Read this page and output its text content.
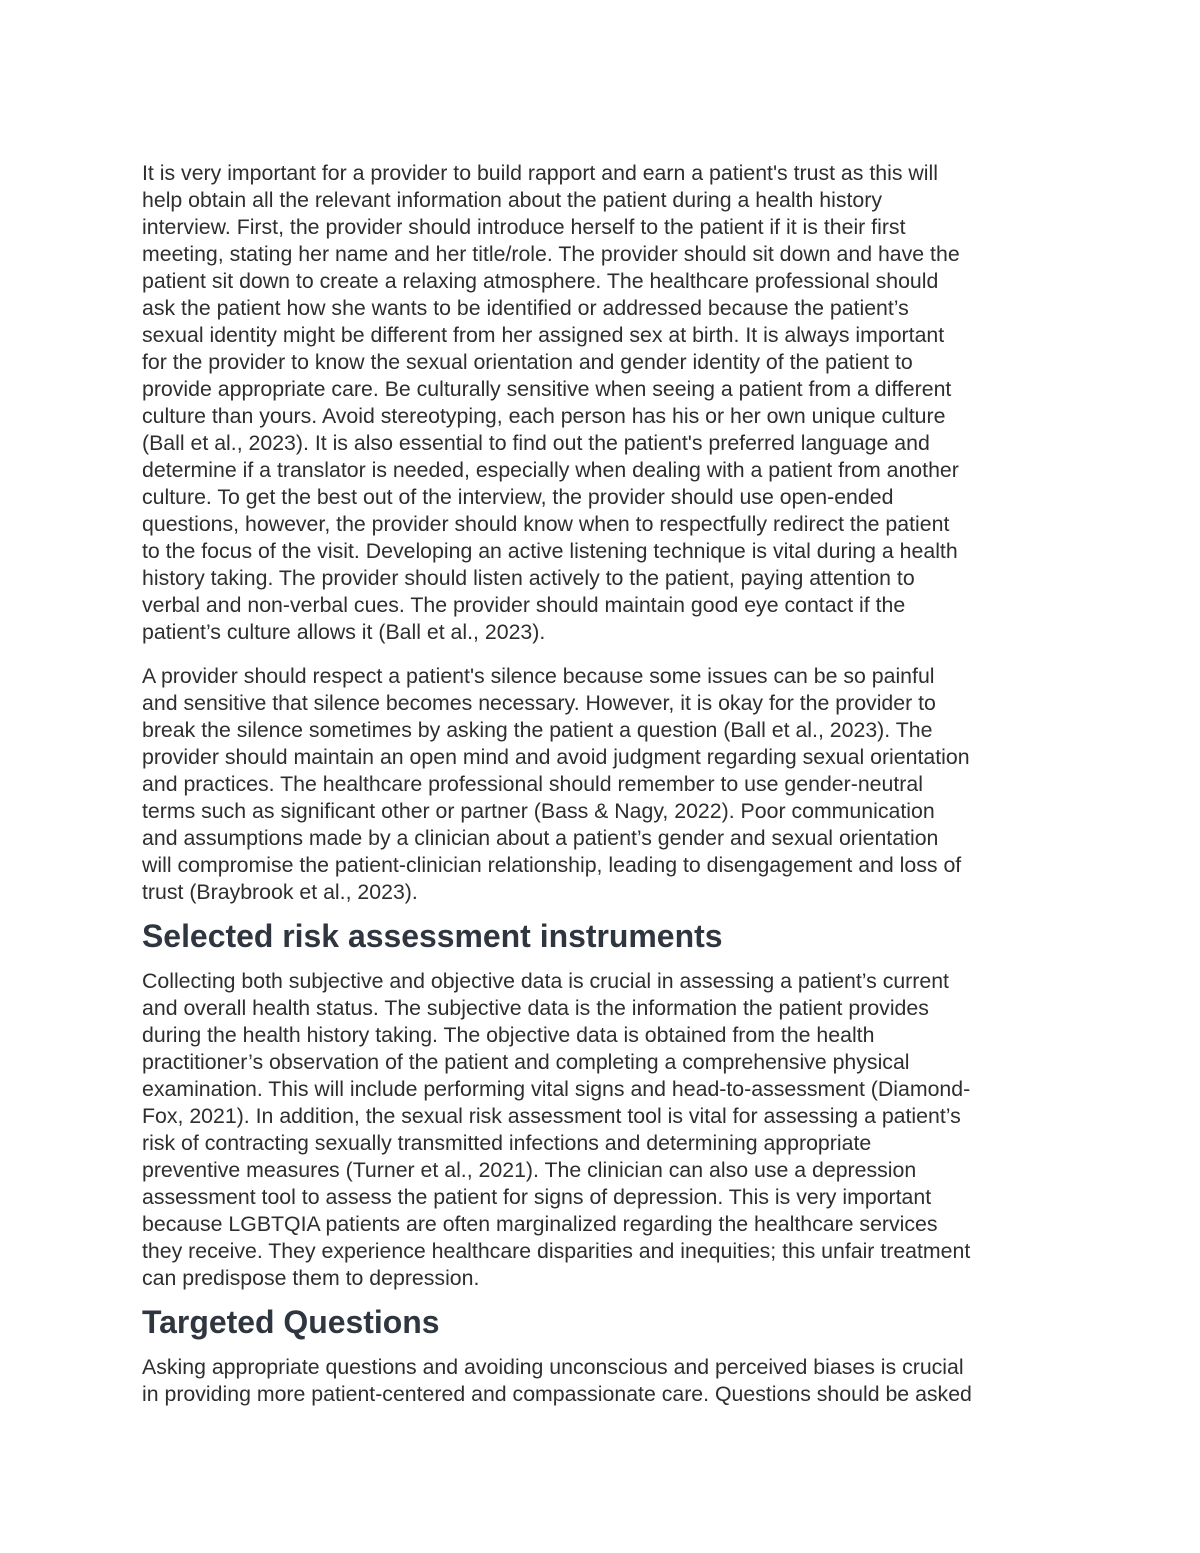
It is very important for a provider to build rapport and earn a patient's trust as this will
help obtain all the relevant information about the patient during a health history
interview. First, the provider should introduce herself to the patient if it is their first
meeting, stating her name and her title/role. The provider should sit down and have the
patient sit down to create a relaxing atmosphere. The healthcare professional should
ask the patient how she wants to be identified or addressed because the patient’s
sexual identity might be different from her assigned sex at birth. It is always important
for the provider to know the sexual orientation and gender identity of the patient to
provide appropriate care. Be culturally sensitive when seeing a patient from a different
culture than yours. Avoid stereotyping, each person has his or her own unique culture
(Ball et al., 2023). It is also essential to find out the patient's preferred language and
determine if a translator is needed, especially when dealing with a patient from another
culture. To get the best out of the interview, the provider should use open-ended
questions, however, the provider should know when to respectfully redirect the patient
to the focus of the visit. Developing an active listening technique is vital during a health
history taking. The provider should listen actively to the patient, paying attention to
verbal and non-verbal cues. The provider should maintain good eye contact if the
patient’s culture allows it (Ball et al., 2023).

A provider should respect a patient's silence because some issues can be so painful
and sensitive that silence becomes necessary. However, it is okay for the provider to
break the silence sometimes by asking the patient a question (Ball et al., 2023). The
provider should maintain an open mind and avoid judgment regarding sexual orientation
and practices. The healthcare professional should remember to use gender-neutral
terms such as significant other or partner (Bass & Nagy, 2022). Poor communication
and assumptions made by a clinician about a patient’s gender and sexual orientation
will compromise the patient-clinician relationship, leading to disengagement and loss of
trust (Braybrook et al., 2023).

Selected risk assessment instruments

Collecting both subjective and objective data is crucial in assessing a patient’s current
and overall health status. The subjective data is the information the patient provides
during the health history taking. The objective data is obtained from the health
practitioner’s observation of the patient and completing a comprehensive physical
examination. This will include performing vital signs and head-to-assessment (Diamond-
Fox, 2021). In addition, the sexual risk assessment tool is vital for assessing a patient’s
risk of contracting sexually transmitted infections and determining appropriate
preventive measures (Turner et al., 2021). The clinician can also use a depression
assessment tool to assess the patient for signs of depression. This is very important
because LGBTQIA patients are often marginalized regarding the healthcare services
they receive. They experience healthcare disparities and inequities; this unfair treatment
can predispose them to depression.

Targeted Questions

Asking appropriate questions and avoiding unconscious and perceived biases is crucial
in providing more patient-centered and compassionate care. Questions should be asked
